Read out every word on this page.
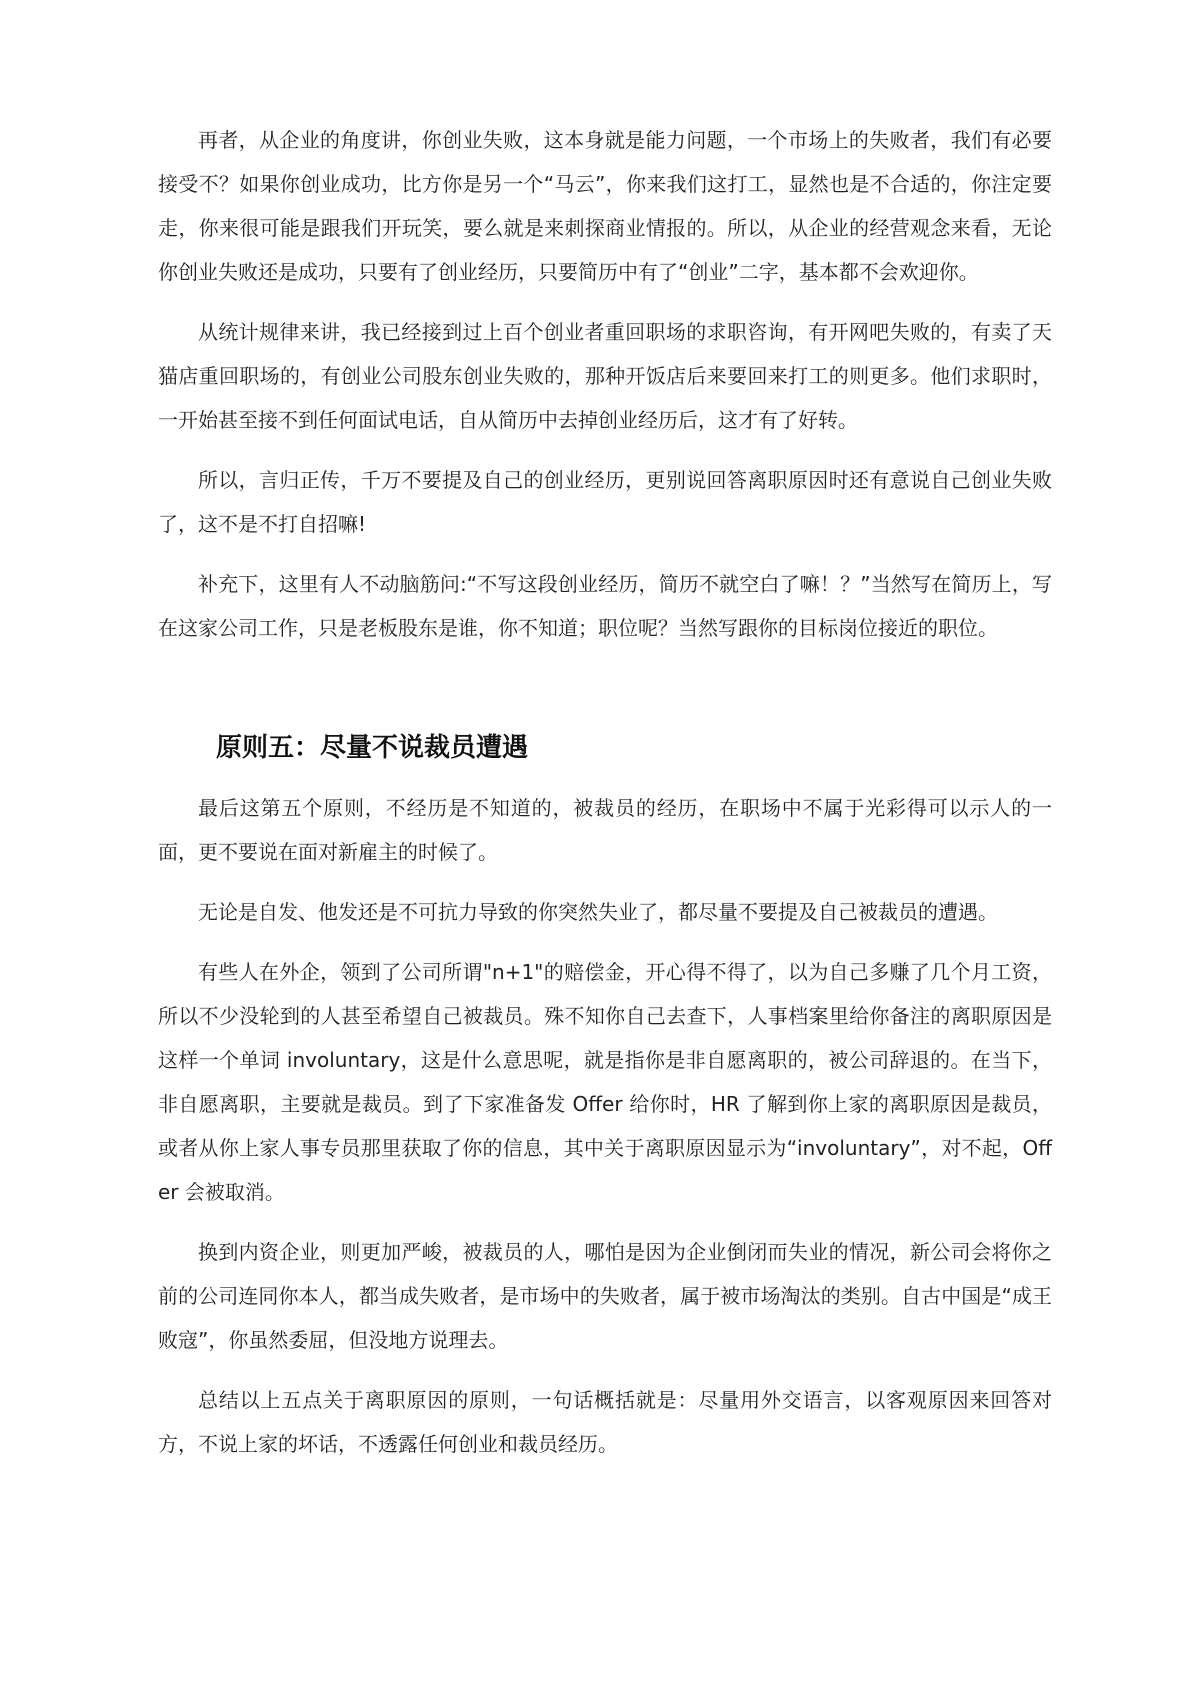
再者，从企业的角度讲，你创业失败，这本身就是能力问题，一个市场上的失败者，我们有必要接受不？如果你创业成功，比方你是另一个“马云”，你来我们这打工，显然也是不合适的，你注定要走，你来很可能是跟我们开玩笑，要么就是来刺探商业情报的。所以，从企业的经营观念来看，无论你创业失败还是成功，只要有了创业经历，只要简历中有了“创业”二字，基本都不会欢迎你。

从统计规律来讲，我已经接到过上百个创业者重回职场的求职咨询，有开网吧失败的，有卖了天猫店重回职场的，有创业公司股东创业失败的，那种开饭店后来要回来打工的则更多。他们求职时，一开始甚至接不到任何面试电话，自从简历中去掉创业经历后，这才有了好转。

所以，言归正传，千万不要提及自己的创业经历，更别说回答离职原因时还有意说自己创业失败了，这不是不打自招嘛!

补充下，这里有人不动脑筋问:“不写这段创业经历，简历不就空白了嘛！？”当然写在简历上，写在这家公司工作，只是老板股东是谁，你不知道；职位呢？当然写跟你的目标岗位接近的职位。

原则五：尽量不说裁员遭遇

最后这第五个原则，不经历是不知道的，被裁员的经历，在职场中不属于光彩得可以示人的一面，更不要说在面对新雇主的时候了。

无论是自发、他发还是不可抗力导致的你突然失业了，都尽量不要提及自己被裁员的遭遇。

有些人在外企，领到了公司所谓"n+1"的赔偿金，开心得不得了，以为自己多赚了几个月工资，所以不少没轮到的人甚至希望自己被裁员。殊不知你自己去查下，人事档案里给你备注的离职原因是这样一个单词 involuntary，这是什么意思呢，就是指你是非自愿离职的，被公司辞退的。在当下，非自愿离职，主要就是裁员。到了下家准备发 Offer 给你时，HR 了解到你上家的离职原因是裁员，或者从你上家人事专员那里获取了你的信息，其中关于离职原因显示为“involuntary”，对不起，Offer 会被取消。

换到内资企业，则更加严峻，被裁员的人，哪怕是因为企业倒闭而失业的情况，新公司会将你之前的公司连同你本人，都当成失败者，是市场中的失败者，属于被市场淘汰的类别。自古中国是“成王败寇”，你虽然委屈，但没地方说理去。

总结以上五点关于离职原因的原则，一句话概括就是：尽量用外交语言，以客观原因来回答对方，不说上家的坏话，不透露任何创业和裁员经历。
